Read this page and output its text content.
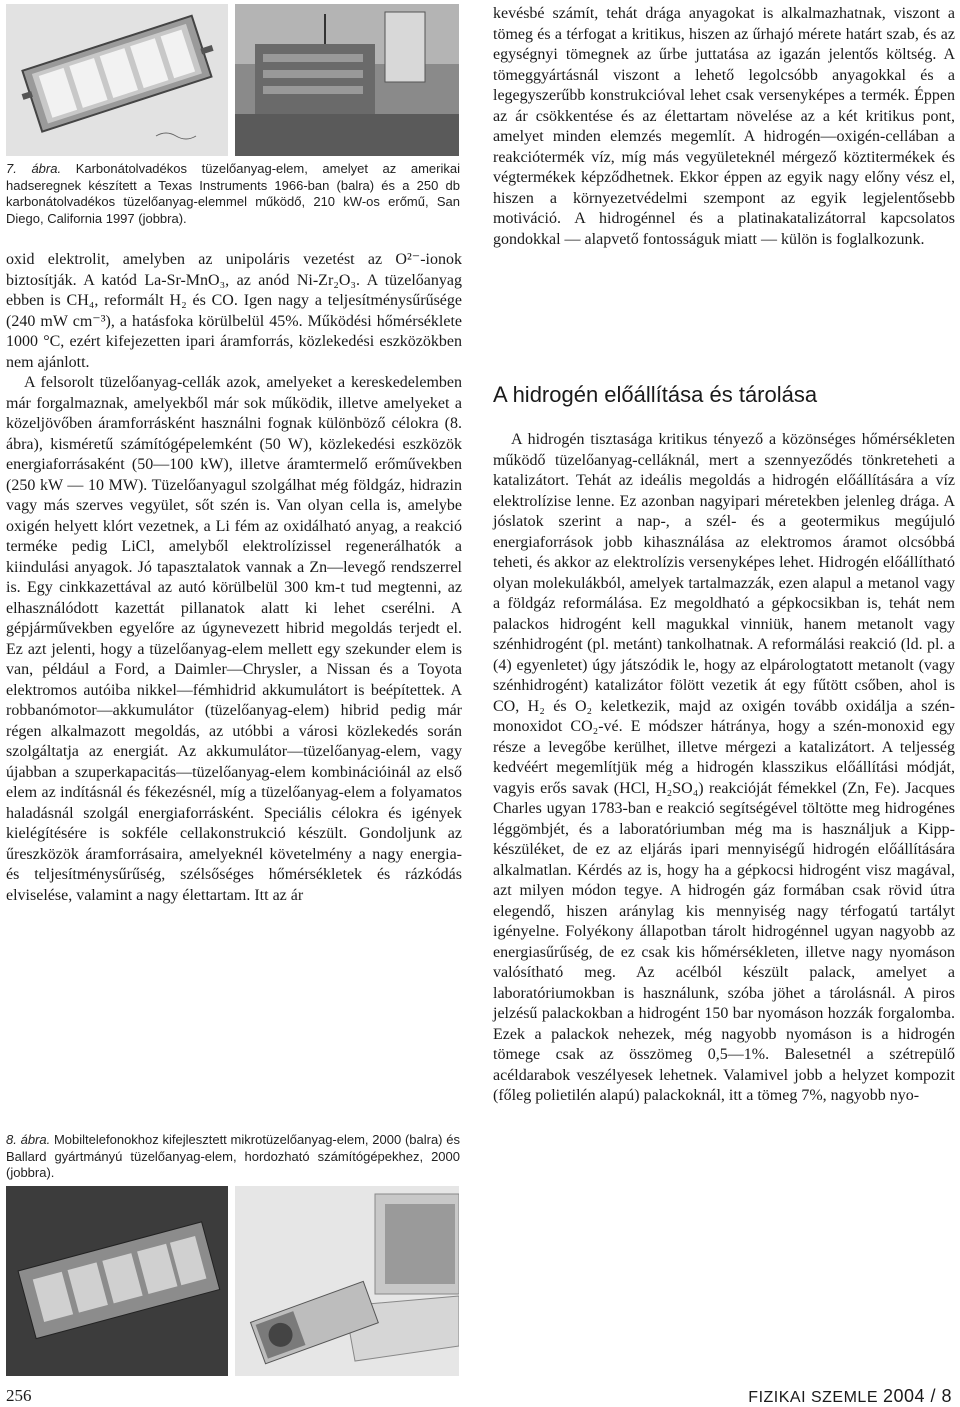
7. ábra. Karbonátolvadékos tüzelőanyag-elem, amelyet az amerikai hadseregnek készített a Texas Instruments 1966-ban (balra) és a 250 db karbonátolvadékos tüzelőanyag-elemmel működő, 210 kW-os erőmű, San Diego, California 1997 (jobbra).

oxid elektrolit, amelyben az unipoláris vezetést az O²⁻-ionok biztosítják. A katód La-Sr-MnO₃, az anód Ni-Zr₂O₃. A tüzelőanyag ebben is CH₄, reformált H₂ és CO. Igen nagy a teljesítménysűrűsége (240 mW cm⁻³), a hatásfoka körülbelül 45%. Működési hőmérséklete 1000 °C, ezért kifejezetten ipari áramforrás, közlekedési eszközökben nem ajánlott.

A felsorolt tüzelőanyag-cellák azok, amelyeket a kereskedelemben már forgalmaznak, amelyekből már sok működik, illetve amelyeket a közeljövőben áramforrásként használni fognak különböző célokra (8. ábra), kisméretű számítógépelemként (50 W), közlekedési eszközök energiaforrásaként (50—100 kW), illetve áramtermelő erőművekben (250 kW — 10 MW). Tüzelőanyagul szolgálhat még földgáz, hidrazin vagy más szerves vegyület, sőt szén is. Van olyan cella is, amelybe oxigén helyett klórt vezetnek, a Li fém az oxidálható anyag, a reakció terméke pedig LiCl, amelyből elektrolízissel regenerálhatók a kiindulási anyagok. Jó tapasztalatok vannak a Zn—levegő rendszerrel is. Egy cinkkazettával az autó körülbelül 300 km-t tud megtenni, az elhasználódott kazettát pillanatok alatt ki lehet cserélni. A gépjárművekben egyelőre az úgynevezett hibrid megoldás terjedt el. Ez azt jelenti, hogy a tüzelőanyag-elem mellett egy szekunder elem is van, például a Ford, a Daimler—Chrysler, a Nissan és a Toyota elektromos autóiba nikkel—fémhidrid akkumulátort is beépítettek. A robbanómotor—akkumulátor (tüzelőanyag-elem) hibrid pedig már régen alkalmazott megoldás, az utóbbi a városi közlekedés során szolgáltatja az energiát. Az akkumulátor—tüzelőanyag-elem, vagy újabban a szuperkapacitás—tüzelőanyag-elem kombinációinál az első elem az indításnál és fékezésnél, míg a tüzelőanyag-elem a folyamatos haladásnál szolgál energiaforrásként. Speciális célokra és igények kielégítésére is sokféle cellakonstrukció készült. Gondoljunk az űreszközök áramforrásaira, amelyeknél követelmény a nagy energia- és teljesítménysűrűség, szélsőséges hőmérsékletek és rázkódás elviselése, valamint a nagy élettartam. Itt az ár

8. ábra. Mobiltelefonokhoz kifejlesztett mikrotüzelőanyag-elem, 2000 (balra) és Ballard gyártmányú tüzelőanyag-elem, hordozható számítógépekhez, 2000 (jobbra).

kevésbé számít, tehát drága anyagokat is alkalmazhatnak, viszont a tömeg és a térfogat a kritikus, hiszen az űrhajó mérete határt szab, és az egységnyi tömegnek az űrbe juttatása az igazán jelentős költség. A tömeggyártásnál viszont a lehető legolcsóbb anyagokkal és a legegyszerűbb konstrukcióval lehet csak versenyképes a termék. Éppen az ár csökkentése és az élettartam növelése az a két kritikus pont, amelyet minden elemzés megemlít. A hidrogén—oxigén-cellában a reakciótermék víz, míg más vegyületeknél mérgező köztitermékek és végtermékek képződhetnek. Ekkor éppen az egyik nagy előny vész el, hiszen a környezetvédelmi szempont az egyik legjelentősebb motiváció. A hidrogénnel és a platinakatalizátorral kapcsolatos gondokkal — alapvető fontosságuk miatt — külön is foglalkozunk.

A hidrogén előállítása és tárolása

A hidrogén tisztasága kritikus tényező a közönséges hőmérsékleten működő tüzelőanyag-celláknál, mert a szennyeződés tönkreteheti a katalizátort. Tehát az ideális megoldás a hidrogén előállítására a víz elektrolízise lenne. Ez azonban nagyipari méretekben jelenleg drága. A jóslatok szerint a nap-, a szél- és a geotermikus megújuló energiaforrások jobb kihasználása az elektromos áramot olcsóbbá teheti, és akkor az elektrolízis versenyképes lehet. Hidrogén előállítható olyan molekulákból, amelyek tartalmazzák, ezen alapul a metanol vagy a földgáz reformálása. Ez megoldható a gépkocsikban is, tehát nem palackos hidrogént kell magukkal vinniük, hanem metanolt vagy szénhidrogént (pl. metánt) tankolhatnak. A reformálási reakció (ld. pl. a (4) egyenletet) úgy játszódik le, hogy az elpárologtatott metanolt (vagy szénhidrogént) katalizátor fölött vezetik át egy fűtött csőben, ahol is CO, H₂ és O₂ keletkezik, majd az oxigén tovább oxidálja a szén-monoxidot CO₂-vé. E módszer hátránya, hogy a szén-monoxid egy része a levegőbe kerülhet, illetve mérgezi a katalizátort. A teljesség kedvéért megemlítjük még a hidrogén klasszikus előállítási módját, vagyis erős savak (HCl, H₂SO₄) reakcióját fémekkel (Zn, Fe). Jacques Charles ugyan 1783-ban e reakció segítségével töltötte meg hidrogénes léggömbjét, és a laboratóriumban még ma is használjuk a Kipp-készüléket, de ez az eljárás ipari mennyiségű hidrogén előállítására alkalmatlan. Kérdés az is, hogy ha a gépkocsi hidrogént visz magával, azt milyen módon tegye. A hidrogén gáz formában csak rövid útra elegendő, hiszen aránylag kis mennyiség nagy térfogatú tartályt igényelne. Folyékony állapotban tárolt hidrogénnel ugyan nagyobb az energiasűrűség, de ez csak kis hőmérsékleten, illetve nagy nyomáson valósítható meg. Az acélból készült palack, amelyet a laboratóriumokban is használunk, szóba jöhet a tárolásnál. A piros jelzésű palackokban a hidrogént 150 bar nyomáson hozzák forgalomba. Ezek a palackok nehezek, még nagyobb nyomáson is a hidrogén tömege csak az összömeg 0,5—1%. Balesetnél a szétrepülő acéldarabok veszélyesek lehetnek. Valamivel jobb a helyzet kompozit (főleg polietilén alapú) palackoknál, itt a tömeg 7%, nagyobb nyo-

256	FIZIKAI SZEMLE 2004 / 8
